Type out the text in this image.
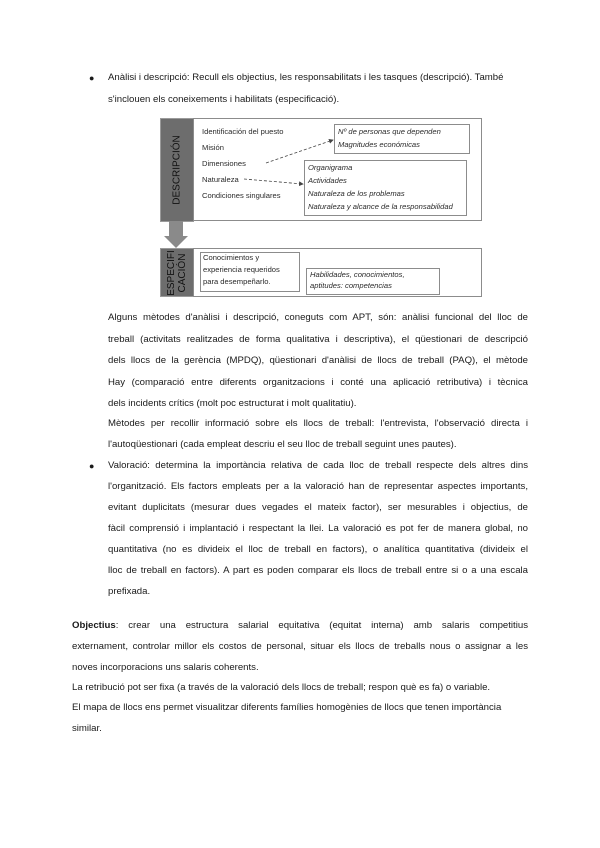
● Anàlisi i descripció: Recull els objectius, les responsabilitats i les tasques (descripció). També
s'inclouen els coneixements i habilitats (especificació).
DESCRIPCIÓN
Identificación del puesto
Misión
Dimensiones
Naturaleza
Condiciones singulares
Nº de personas que dependen
Magnitudes económicas
Organigrama
Actividades
Naturaleza de los problemas
Naturaleza y alcance de la responsabilidad
ESPECIFI
CACIÓN Conocimientos y
experiencia requeridos
para desempeñarlo.
Habilidades, conocimientos,
aptitudes: competencias
Alguns mètodes d'anàlisi i descripció, coneguts com APT, són: anàlisi funcional del lloc de
treball (activitats realitzades de forma qualitativa i descriptiva), el qüestionari de descripció
dels llocs de la gerència (MPDQ), qüestionari d'anàlisi de llocs de treball (PAQ), el mètode
Hay (comparació entre diferents organitzacions i conté una aplicació retributiva) i tècnica
dels incidents crítics (molt poc estructurat i molt qualitatiu).
Mètodes per recollir informació sobre els llocs de treball: l'entrevista, l'observació directa i
l'autoqüestionari (cada empleat descriu el seu lloc de treball seguint unes pautes).
● Valoració: determina la importància relativa de cada lloc de treball respecte dels altres dins
l'organització. Els factors empleats per a la valoració han de representar aspectes importants,
evitant duplicitats (mesurar dues vegades el mateix factor), ser mesurables i objectius, de
fàcil comprensió i implantació i respectant la llei. La valoració es pot fer de manera global, no
quantitativa (no es divideix el lloc de treball en factors), o analítica quantitativa (divideix el
lloc de treball en factors). A part es poden comparar els llocs de treball entre si o a una escala
prefixada.
Objectius: crear una estructura salarial equitativa (equitat interna) amb salaris competitius
externament, controlar millor els costos de personal, situar els llocs de treballs nous o assignar a les
noves incorporacions uns salaris coherents.
La retribució pot ser fixa (a través de la valoració dels llocs de treball; respon què es fa) o variable.
El mapa de llocs ens permet visualitzar diferents famílies homogènies de llocs que tenen importància
similar.
